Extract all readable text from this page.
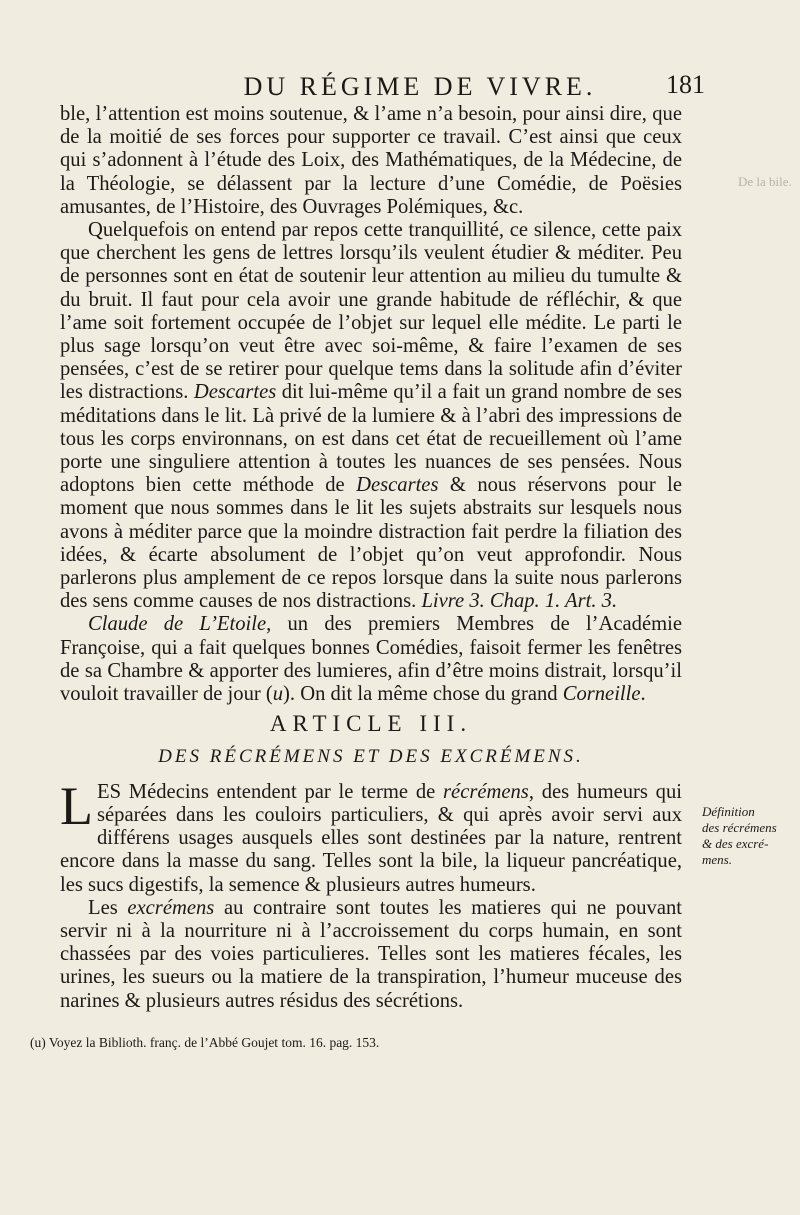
DU RÉGIME DE VIVRE.	181
De la bile.

ble, l’attention est moins soutenue, & l’ame n’a besoin, pour ainsi dire, que de la moitié de ses forces pour supporter ce travail. C’est ainsi que ceux qui s’adonnent à l’étude des Loix, des Mathématiques, de la Médecine, de la Théologie, se délassent par la lecture d’une Comédie, de Poësies amusantes, de l’Histoire, des Ouvrages Polémiques, &c.

Quelquefois on entend par repos cette tranquillité, ce silence, cette paix que cherchent les gens de lettres lorsqu’ils veulent étudier & méditer. Peu de personnes sont en état de soutenir leur attention au milieu du tumulte & du bruit. Il faut pour cela avoir une grande habitude de réfléchir, & que l’ame soit fortement occupée de l’objet sur lequel elle médite. Le parti le plus sage lorsqu’on veut être avec soi-même, & faire l’examen de ses pensées, c’est de se retirer pour quelque tems dans la solitude afin d’éviter les distractions. Descartes dit lui-même qu’il a fait un grand nombre de ses méditations dans le lit. Là privé de la lumiere & à l’abri des impressions de tous les corps environnans, on est dans cet état de recueillement où l’ame porte une singuliere attention à toutes les nuances de ses pensées. Nous adoptons bien cette méthode de Descartes & nous réservons pour le moment que nous sommes dans le lit les sujets abstraits sur lesquels nous avons à méditer parce que la moindre distraction fait perdre la filiation des idées, & écarte absolument de l’objet qu’on veut approfondir. Nous parlerons plus amplement de ce repos lorsque dans la suite nous parlerons des sens comme causes de nos distractions. Livre 3. Chap. 1. Art. 3.

Claude de L’Etoile, un des premiers Membres de l’Académie Françoise, qui a fait quelques bonnes Comédies, faisoit fermer les fenêtres de sa Chambre & apporter des lumieres, afin d’être moins distrait, lorsqu’il vouloit travailler de jour (u). On dit la même chose du grand Corneille.

ARTICLE III.
DES RÉCRÉMENS ET DES EXCRÉMENS.

LES Médecins entendent par le terme de récrémens, des humeurs qui séparées dans les couloirs particuliers, & qui après avoir servi aux différens usages ausquels elles sont destinées par la nature, rentrent encore dans la masse du sang. Telles sont la bile, la liqueur pancréatique, les sucs digestifs, la semence & plusieurs autres humeurs.

Les excrémens au contraire sont toutes les matieres qui ne pouvant servir ni à la nourriture ni à l’accroissement du corps humain, en sont chassées par des voies particulieres. Telles sont les matieres fécales, les urines, les sueurs ou la matiere de la transpiration, l’humeur muceuse des narines & plusieurs autres résidus des sécrétions.

Définition
des récrémens
& des excré-
mens.
(u) Voyez la Biblioth. franç. de l’Abbé Goujet tom. 16. pag. 153.
